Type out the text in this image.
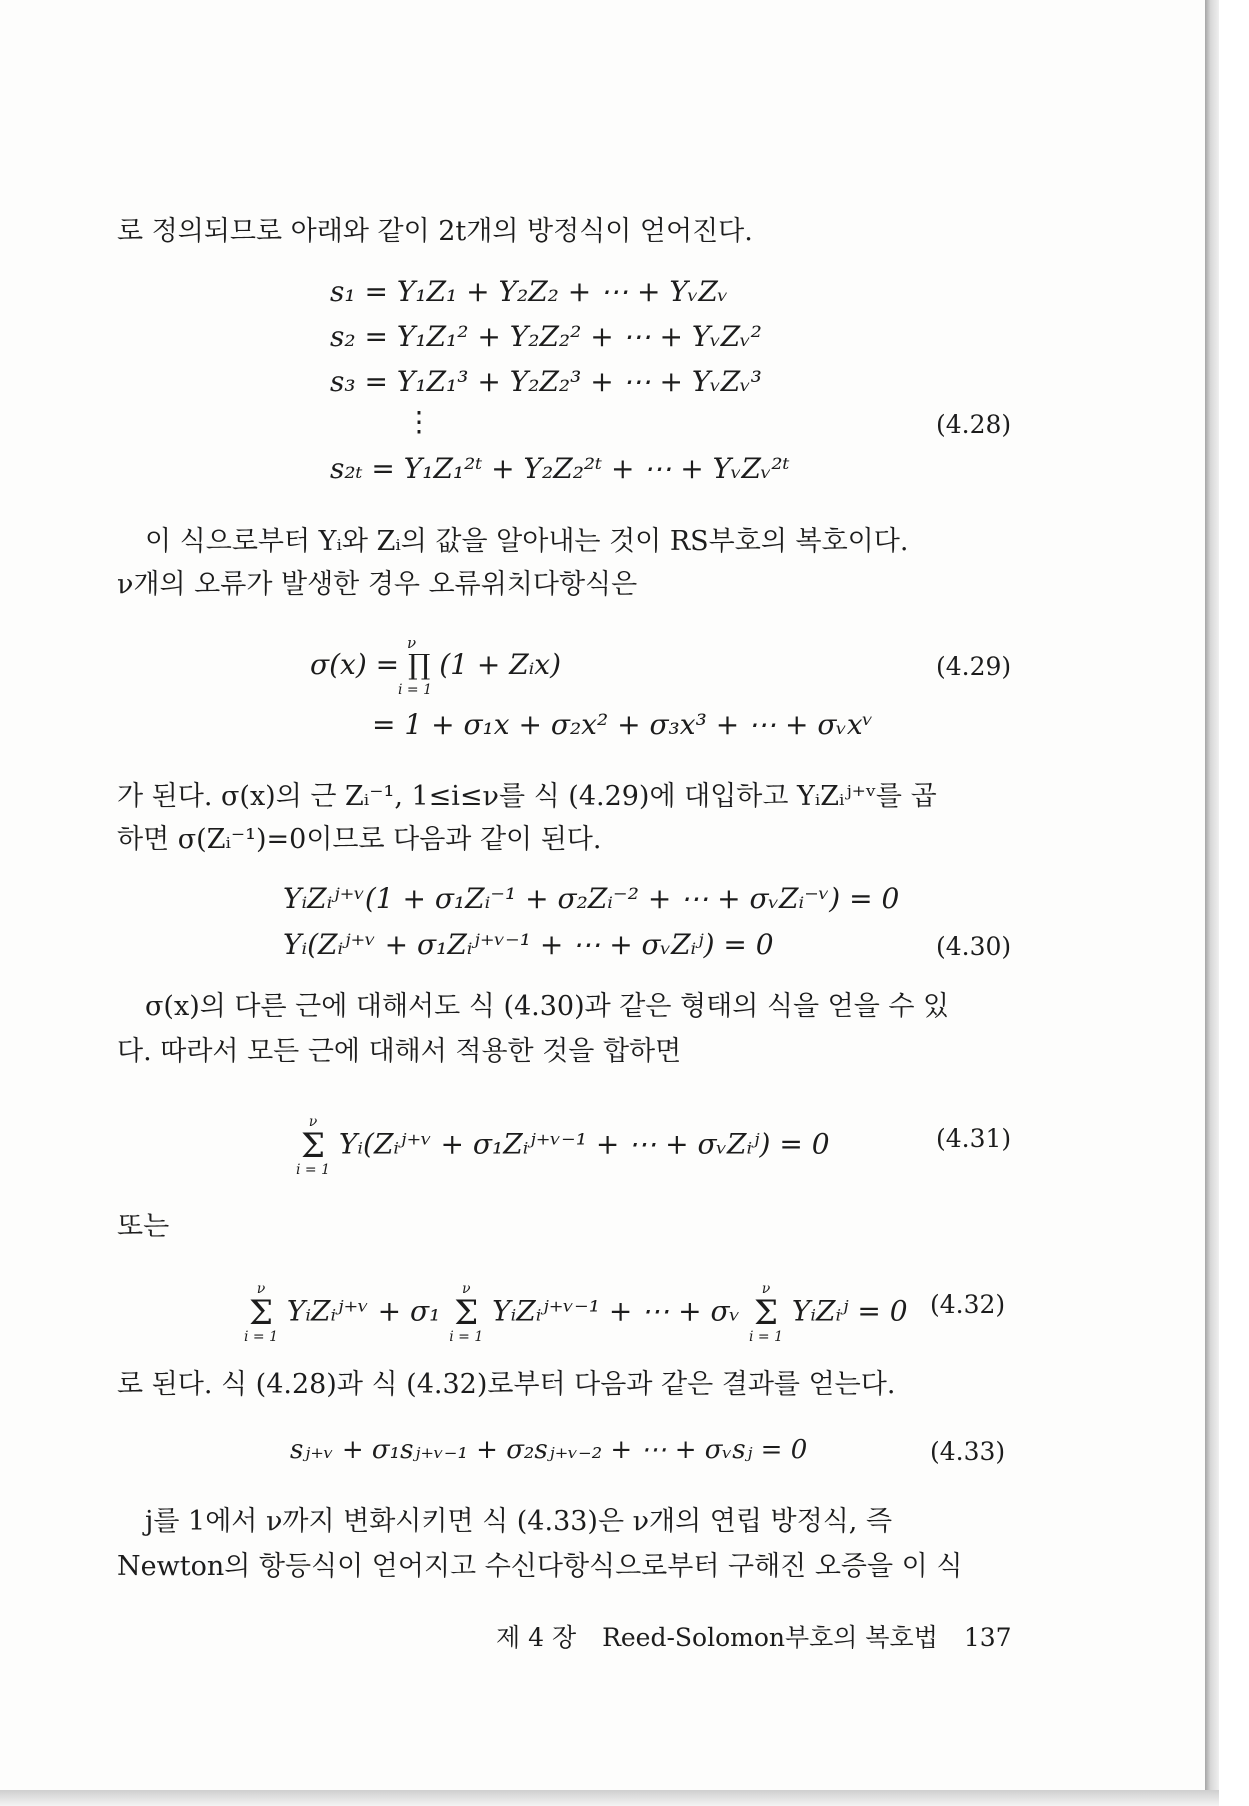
로 정의되므로 아래와 같이 2t개의 방정식이 얻어진다.
s₁ = Y₁Z₁ + Y₂Z₂ + ⋯ + YᵥZᵥ
s₂ = Y₁Z₁² + Y₂Z₂² + ⋯ + YᵥZᵥ²
s₃ = Y₁Z₁³ + Y₂Z₂³ + ⋯ + YᵥZᵥ³
⋮
s₂ₜ = Y₁Z₁²ᵗ + Y₂Z₂²ᵗ + ⋯ + YᵥZᵥ²ᵗ
(4.28)
이 식으로부터 Yᵢ와 Zᵢ의 값을 알아내는 것이 RS부호의 복호이다.
ν개의 오류가 발생한 경우 오류위치다항식은
σ(x) = ∏ (1 + Zᵢx)
ν
i = 1
(4.29)
= 1 + σ₁x + σ₂x² + σ₃x³ + ⋯ + σᵥxᵛ
가 된다. σ(x)의 근 Zᵢ⁻¹, 1≤i≤ν를 식 (4.29)에 대입하고 YᵢZᵢʲ⁺ᵛ를 곱
하면 σ(Zᵢ⁻¹)=0이므로 다음과 같이 된다.
YᵢZᵢʲ⁺ᵛ(1 + σ₁Zᵢ⁻¹ + σ₂Zᵢ⁻² + ⋯ + σᵥZᵢ⁻ᵛ) = 0
Yᵢ(Zᵢʲ⁺ᵛ + σ₁Zᵢʲ⁺ᵛ⁻¹ + ⋯ + σᵥZᵢʲ) = 0	(4.30)
σ(x)의 다른 근에 대해서도 식 (4.30)과 같은 형태의 식을 얻을 수 있
다. 따라서 모든 근에 대해서 적용한 것을 합하면
ν
Σ
i = 1
Yᵢ(Zᵢʲ⁺ᵛ + σ₁Zᵢʲ⁺ᵛ⁻¹ + ⋯ + σᵥZᵢʲ) = 0	(4.31)
또는
ν
Σ
i = 1
YᵢZᵢʲ⁺ᵛ + σ₁
ν
Σ
i = 1
YᵢZᵢʲ⁺ᵛ⁻¹ + ⋯ + σᵥ
ν
Σ
i = 1
YᵢZᵢʲ = 0 (4.32)
로 된다. 식 (4.28)과 식 (4.32)로부터 다음과 같은 결과를 얻는다.
sⱼ₊ᵥ + σ₁sⱼ₊ᵥ₋₁ + σ₂sⱼ₊ᵥ₋₂ + ⋯ + σᵥsⱼ = 0	(4.33)
j를 1에서 ν까지 변화시키면 식 (4.33)은 ν개의 연립 방정식, 즉
Newton의 항등식이 얻어지고 수신다항식으로부터 구해진 오증을 이 식
제 4 장 Reed-Solomon부호의 복호법 137
